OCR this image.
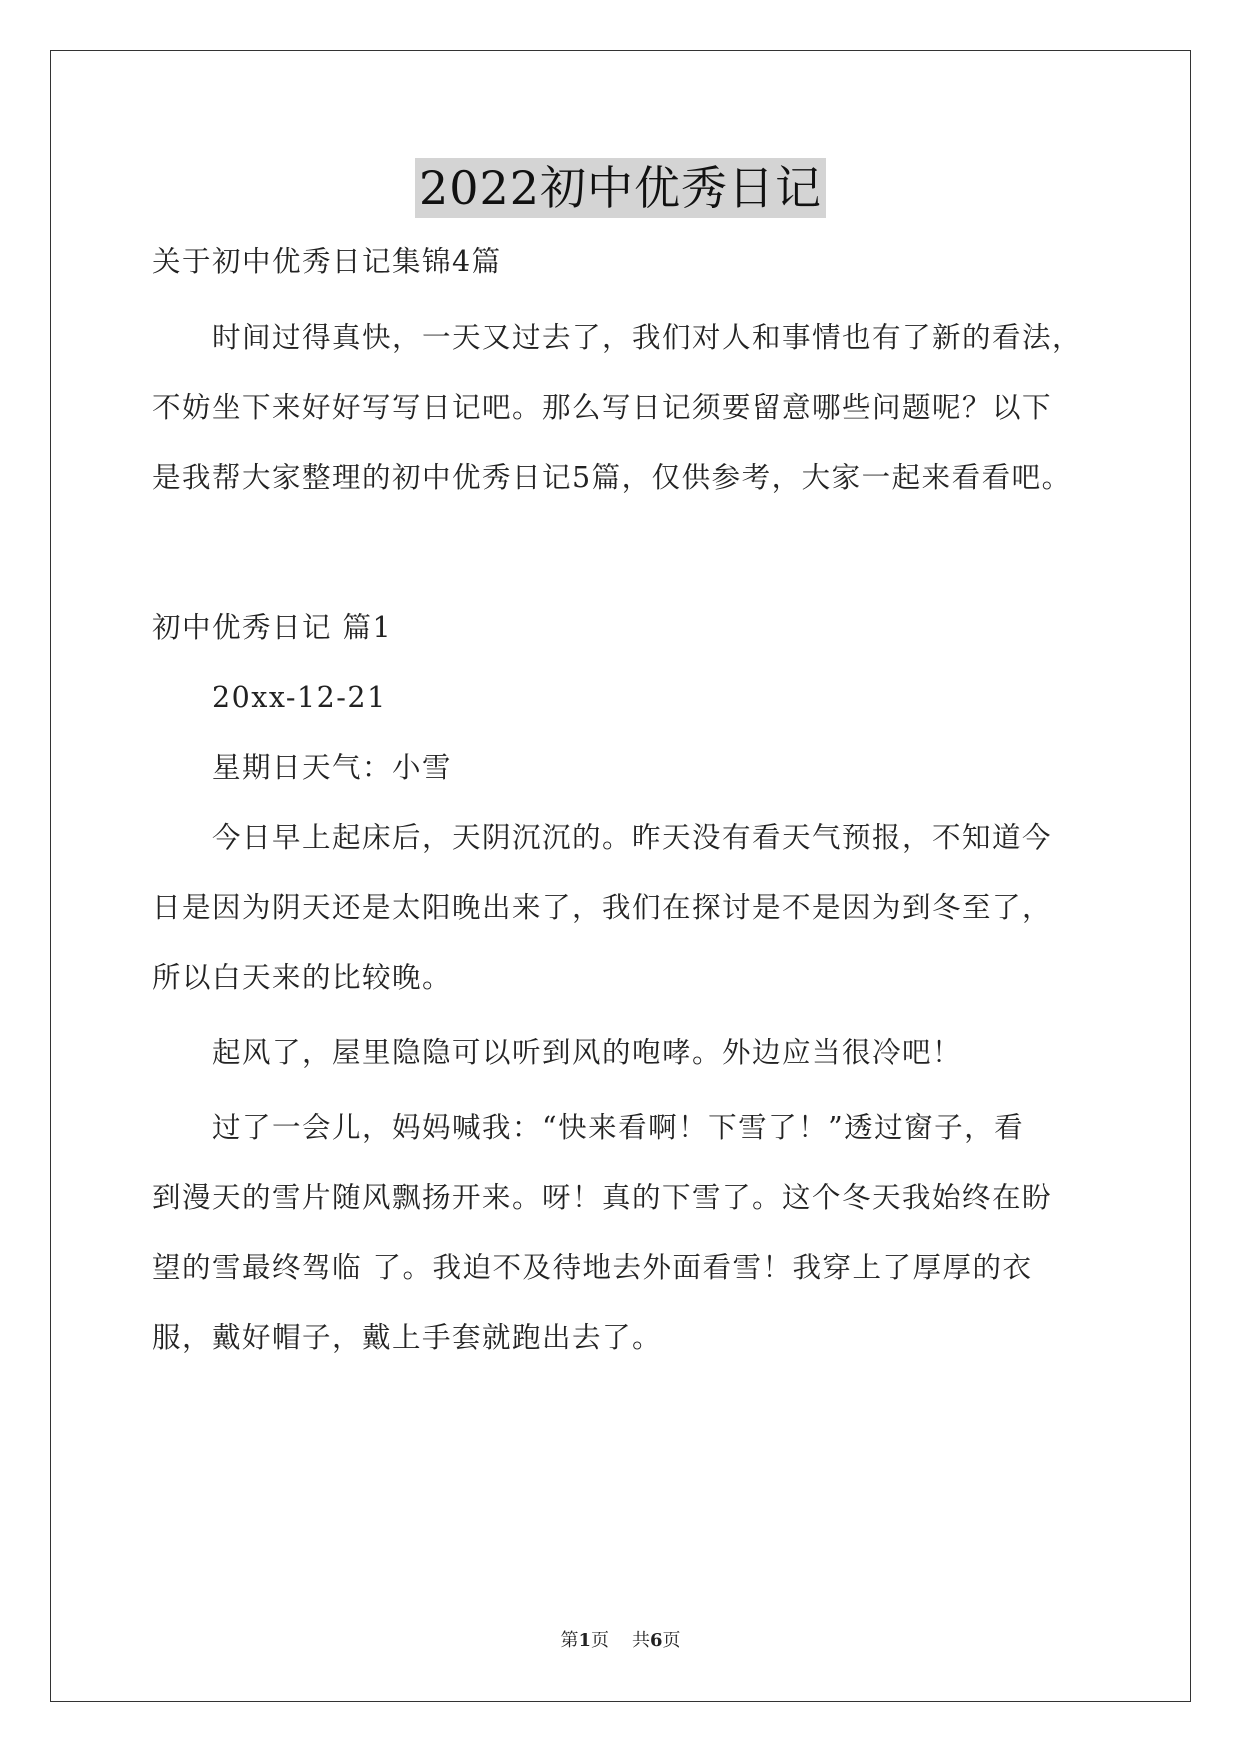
2022初中优秀日记
关于初中优秀日记集锦4篇
时间过得真快，一天又过去了，我们对人和事情也有了新的看法，
不妨坐下来好好写写日记吧。那么写日记须要留意哪些问题呢？以下
是我帮大家整理的初中优秀日记5篇，仅供参考，大家一起来看看吧。
初中优秀日记 篇1
20xx-12-21
星期日天气：小雪
今日早上起床后，天阴沉沉的。昨天没有看天气预报，不知道今
日是因为阴天还是太阳晚出来了，我们在探讨是不是因为到冬至了，
所以白天来的比较晚。
起风了，屋里隐隐可以听到风的咆哮。外边应当很冷吧！
过了一会儿，妈妈喊我：“快来看啊！下雪了！”透过窗子，看
到漫天的雪片随风飘扬开来。呀！真的下雪了。这个冬天我始终在盼
望的雪最终驾临 了。我迫不及待地去外面看雪！我穿上了厚厚的衣
服，戴好帽子，戴上手套就跑出去了。
第1页 共6页
